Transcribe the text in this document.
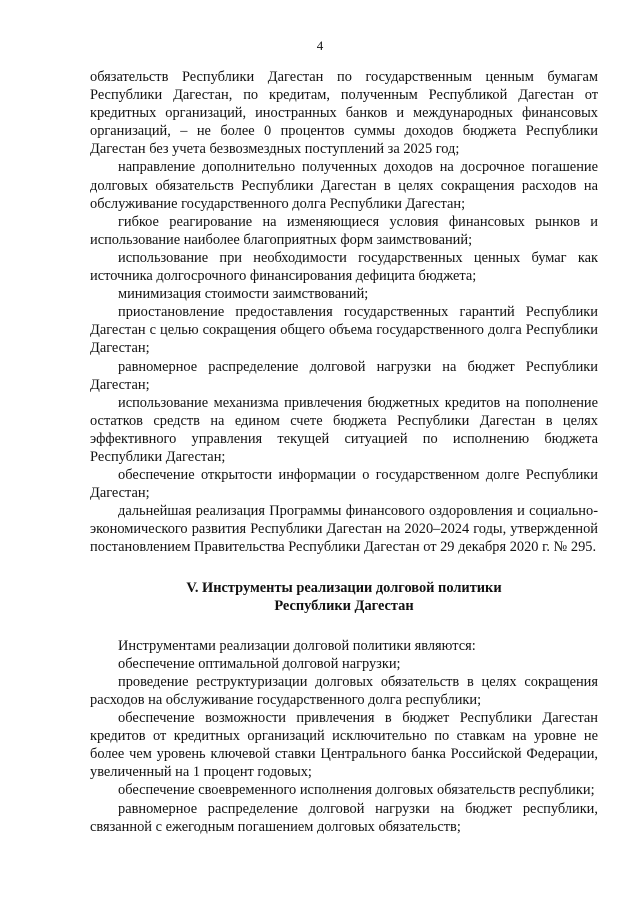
4

обязательств Республики Дагестан по государственным ценным бумагам Республики Дагестан, по кредитам, полученным Республикой Дагестан от кредитных организаций, иностранных банков и международных финансовых организаций, – не более 0 процентов суммы доходов бюджета Республики Дагестан без учета безвозмездных поступлений за 2025 год;

направление дополнительно полученных доходов на досрочное погашение долговых обязательств Республики Дагестан в целях сокращения расходов на обслуживание государственного долга Республики Дагестан;

гибкое реагирование на изменяющиеся условия финансовых рынков и использование наиболее благоприятных форм заимствований;

использование при необходимости государственных ценных бумаг как источника долгосрочного финансирования дефицита бюджета;

минимизация стоимости заимствований;

приостановление предоставления государственных гарантий Республики Дагестан с целью сокращения общего объема государственного долга Республики Дагестан;

равномерное распределение долговой нагрузки на бюджет Республики Дагестан;

использование механизма привлечения бюджетных кредитов на пополнение остатков средств на едином счете бюджета Республики Дагестан в целях эффективного управления текущей ситуацией по исполнению бюджета Республики Дагестан;

обеспечение открытости информации о государственном долге Республики Дагестан;

дальнейшая реализация Программы финансового оздоровления и социально-экономического развития Республики Дагестан на 2020–2024 годы, утвержденной постановлением Правительства Республики Дагестан от 29 декабря 2020 г. № 295.

V. Инструменты реализации долговой политики
Республики Дагестан

Инструментами реализации долговой политики являются:

обеспечение оптимальной долговой нагрузки;

проведение реструктуризации долговых обязательств в целях сокращения расходов на обслуживание государственного долга республики;

обеспечение возможности привлечения в бюджет Республики Дагестан кредитов от кредитных организаций исключительно по ставкам на уровне не более чем уровень ключевой ставки Центрального банка Российской Федерации, увеличенный на 1 процент годовых;

обеспечение своевременного исполнения долговых обязательств республики;

равномерное распределение долговой нагрузки на бюджет республики, связанной с ежегодным погашением долговых обязательств;
